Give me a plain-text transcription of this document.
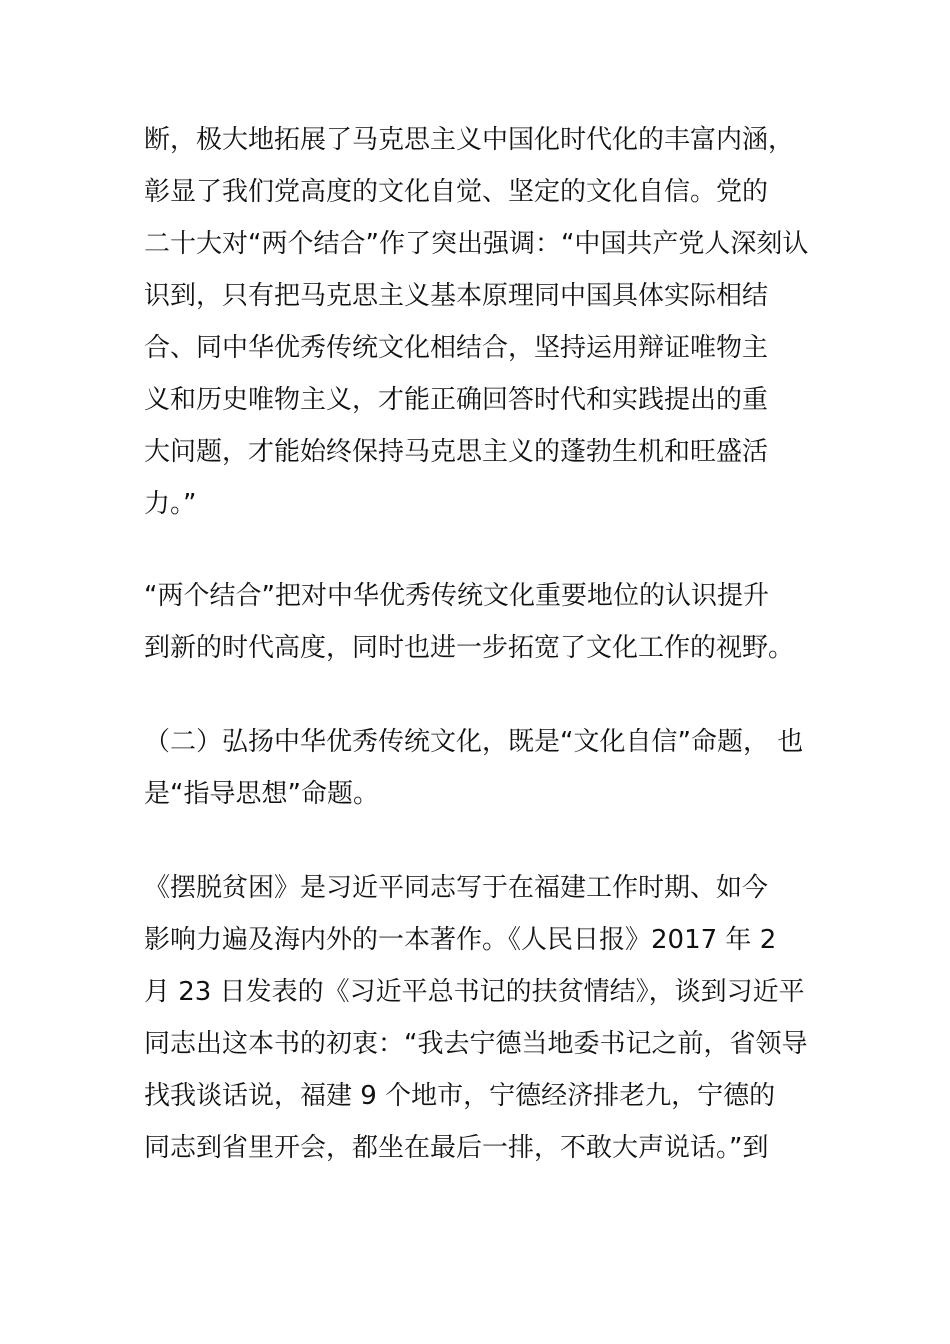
断，极大地拓展了马克思主义中国化时代化的丰富内涵，
彰显了我们党高度的文化自觉、坚定的文化自信。党的
二十大对“两个结合”作了突出强调：“中国共产党人深刻认
识到，只有把马克思主义基本原理同中国具体实际相结
合、同中华优秀传统文化相结合，坚持运用辩证唯物主
义和历史唯物主义，才能正确回答时代和实践提出的重
大问题，才能始终保持马克思主义的蓬勃生机和旺盛活
力。”
“两个结合”把对中华优秀传统文化重要地位的认识提升
到新的时代高度，同时也进一步拓宽了文化工作的视野。
（二）弘扬中华优秀传统文化，既是“文化自信”命题， 也
是“指导思想”命题。
《摆脱贫困》是习近平同志写于在福建工作时期、如今
影响力遍及海内外的一本著作。《人民日报》2017 年 2
月 23 日发表的《习近平总书记的扶贫情结》，谈到习近平
同志出这本书的初衷：“我去宁德当地委书记之前，省领导
找我谈话说，福建 9 个地市，宁德经济排老九，宁德的
同志到省里开会，都坐在最后一排，不敢大声说话。”到
